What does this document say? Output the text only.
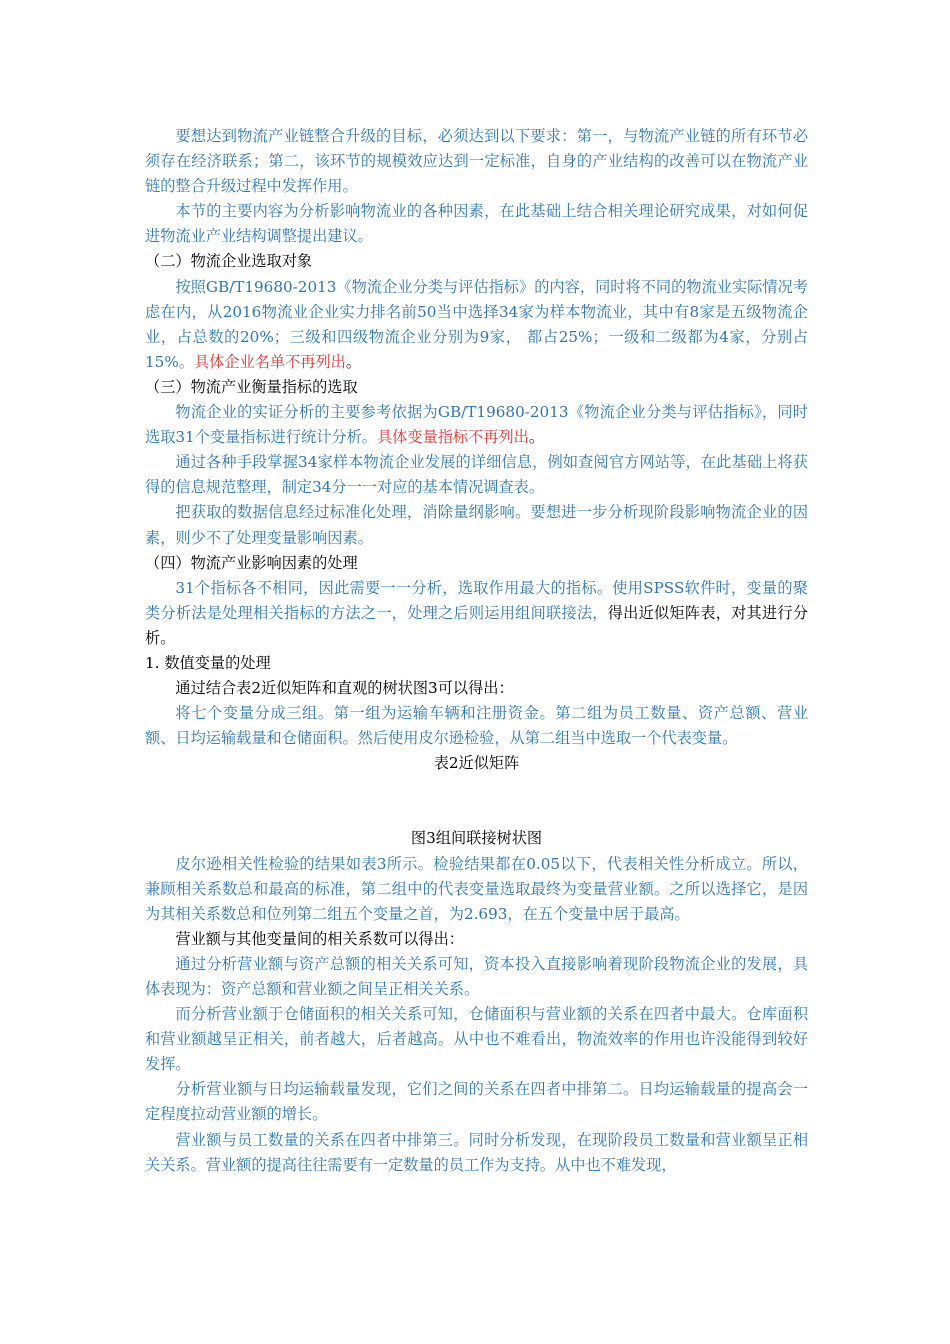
要想达到物流产业链整合升级的目标，必须达到以下要求：第一，与物流产业链的所有环节必须存在经济联系；第二，该环节的规模效应达到一定标准，自身的产业结构的改善可以在物流产业链的整合升级过程中发挥作用。

本节的主要内容为分析影响物流业的各种因素，在此基础上结合相关理论研究成果，对如何促进物流业产业结构调整提出建议。

（二）物流企业选取对象

按照GB/T19680-2013《物流企业分类与评估指标》的内容，同时将不同的物流业实际情况考虑在内，从2016物流业企业实力排名前50当中选择34家为样本物流业，其中有8家是五级物流企业，占总数的20%；三级和四级物流企业分别为9家， 都占25%；一级和二级都为4家，分别占15%。具体企业名单不再列出。

（三）物流产业衡量指标的选取

物流企业的实证分析的主要参考依据为GB/T19680-2013《物流企业分类与评估指标》，同时选取31个变量指标进行统计分析。具体变量指标不再列出。

通过各种手段掌握34家样本物流企业发展的详细信息，例如查阅官方网站等，在此基础上将获得的信息规范整理，制定34分一一对应的基本情况调查表。

把获取的数据信息经过标准化处理，消除量纲影响。要想进一步分析现阶段影响物流企业的因素，则少不了处理变量影响因素。

（四）物流产业影响因素的处理

31个指标各不相同，因此需要一一分析，选取作用最大的指标。使用SPSS软件时，变量的聚类分析法是处理相关指标的方法之一，处理之后则运用组间联接法，得出近似矩阵表，对其进行分析。

1. 数值变量的处理

通过结合表2近似矩阵和直观的树状图3可以得出：

将七个变量分成三组。第一组为运输车辆和注册资金。第二组为员工数量、资产总额、营业额、日均运输载量和仓储面积。然后使用皮尔逊检验，从第二组当中选取一个代表变量。

表2近似矩阵

图3组间联接树状图

皮尔逊相关性检验的结果如表3所示。检验结果都在0.05以下，代表相关性分析成立。所以，兼顾相关系数总和最高的标准，第二组中的代表变量选取最终为变量营业额。之所以选择它，是因为其相关系数总和位列第二组五个变量之首，为2.693，在五个变量中居于最高。

营业额与其他变量间的相关系数可以得出：

通过分析营业额与资产总额的相关关系可知，资本投入直接影响着现阶段物流企业的发展，具体表现为：资产总额和营业额之间呈正相关关系。

而分析营业额于仓储面积的相关关系可知，仓储面积与营业额的关系在四者中最大。仓库面积和营业额越呈正相关，前者越大，后者越高。从中也不难看出，物流效率的作用也许没能得到较好发挥。

分析营业额与日均运输载量发现，它们之间的关系在四者中排第二。日均运输载量的提高会一定程度拉动营业额的增长。

营业额与员工数量的关系在四者中排第三。同时分析发现，在现阶段员工数量和营业额呈正相关关系。营业额的提高往往需要有一定数量的员工作为支持。从中也不难发现，
